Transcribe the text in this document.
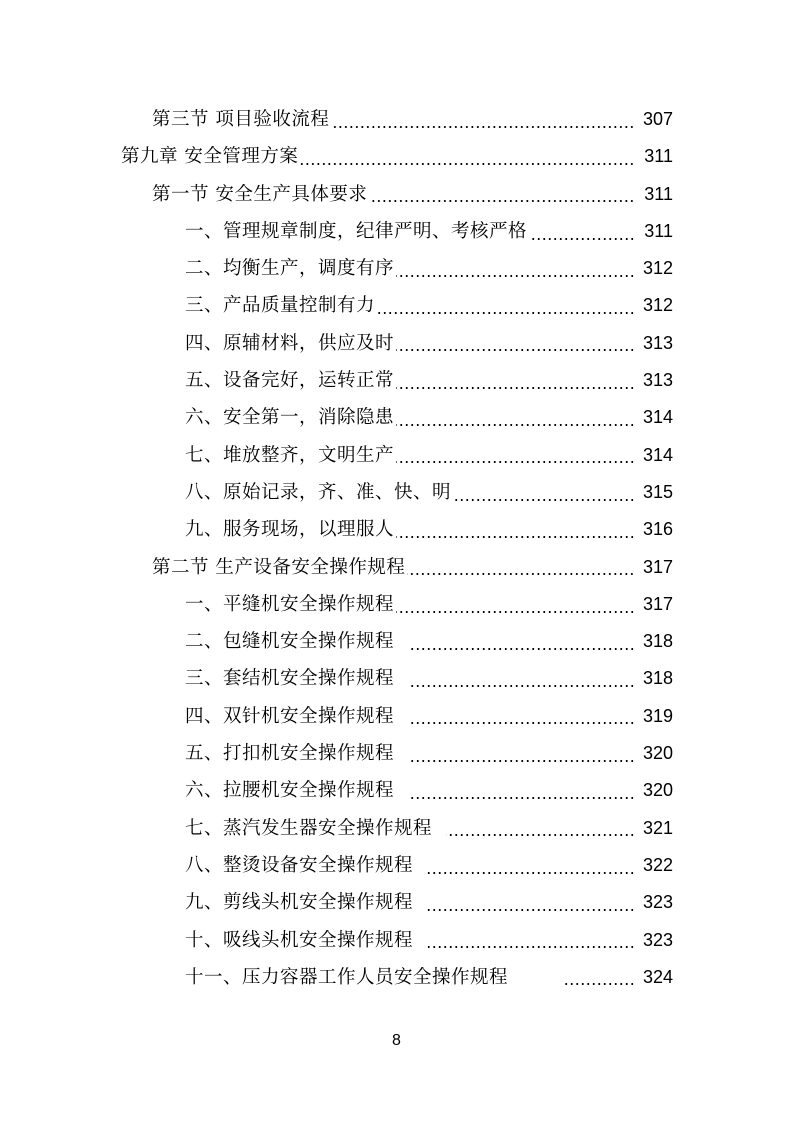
第三节 项目验收流程	307
第九章 安全管理方案	311
第一节 安全生产具体要求	311
一、管理规章制度，纪律严明、考核严格	311
二、均衡生产，调度有序	312
三、产品质量控制有力	312
四、原辅材料，供应及时	313
五、设备完好，运转正常	313
六、安全第一，消除隐患	314
七、堆放整齐，文明生产	314
八、原始记录，齐、准、快、明	315
九、服务现场，以理服人	316
第二节 生产设备安全操作规程	317
一、平缝机安全操作规程	317
二、包缝机安全操作规程	318
三、套结机安全操作规程	318
四、双针机安全操作规程	319
五、打扣机安全操作规程	320
六、拉腰机安全操作规程	320
七、蒸汽发生器安全操作规程	321
八、整烫设备安全操作规程	322
九、剪线头机安全操作规程	323
十、吸线头机安全操作规程	323
十一、压力容器工作人员安全操作规程	324
8
